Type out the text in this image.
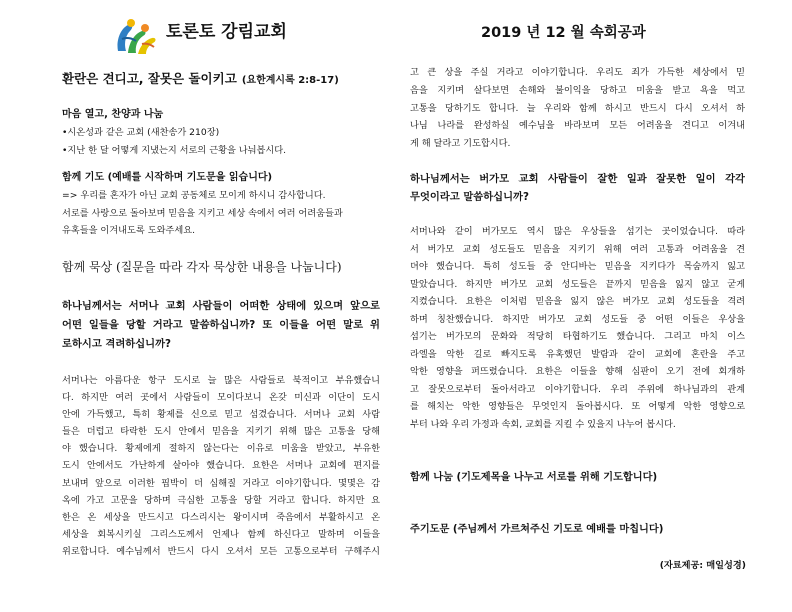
토론토 강림교회	2019 년 12 월 속회공과
환란은 견디고, 잘못은 돌이키고 (요한계시록 2:8-17)
마음 열고, 찬양과 나눔
•시온성과 같은 교회 (새찬송가 210장)
•지난 한 달 어떻게 지냈는지 서로의 근황을 나눠봅시다.
함께 기도 (예배를 시작하며 기도문을 읽습니다)
=> 우리를 혼자가 아닌 교회 공동체로 모이게 하시니 감사합니다.
서로를 사랑으로 돌아보며 믿음을 지키고 세상 속에서 여러 어려움들과
유혹들을 이겨내도록 도와주세요.
함께 묵상 (질문을 따라 각자 묵상한 내용을 나눕니다)
하나님께서는 서머나 교회 사람들이 어떠한 상태에 있으며 앞으로
어떤 일들을 당할 거라고 말씀하십니까? 또 이들을 어떤 말로 위
로하시고 격려하십니까?
서머나는 아름다운 항구 도시로 늘 많은 사람들로 북적이고 부유했습니
다. 하지만 여러 곳에서 사람들이 모이다보니 온갖 미신과 이단이 도시
안에 가득했고, 특히 황제를 신으로 믿고 섬겼습니다. 서머나 교회 사람
들은 더럽고 타락한 도시 안에서 믿음을 지키기 위해 많은 고통을 당해
야 했습니다. 황제에게 절하지 않는다는 이유로 미움을 받았고, 부유한
도시 안에서도 가난하게 살아야 했습니다. 요한은 서머나 교회에 편지를
보내며 앞으로 이러한 핍박이 더 심해질 거라고 이야기합니다. 몇몇은 감
옥에 가고 고문을 당하며 극심한 고통을 당할 거라고 합니다. 하지만 요
한은 온 세상을 만드시고 다스리시는 왕이시며 죽음에서 부활하시고 온
세상을 회복시키실 그리스도께서 언제나 함께 하신다고 말하며 이들을
위로합니다. 예수님께서 반드시 다시 오셔서 모든 고통으로부터 구해주시
고 큰 상을 주실 거라고 이야기합니다. 우리도 죄가 가득한 세상에서 믿
음을 지키며 살다보면 손해와 불이익을 당하고 미움을 받고 욕을 먹고
고통을 당하기도 합니다. 늘 우리와 함께 하시고 반드시 다시 오셔서 하
나님 나라를 완성하실 예수님을 바라보며 모든 어려움을 견디고 이겨내
게 해 달라고 기도합시다.
하나님께서는 버가모 교회 사람들이 잘한 일과 잘못한 일이 각각
무엇이라고 말씀하십니까?
서머나와 같이 버가모도 역시 많은 우상들을 섬기는 곳이었습니다. 따라
서 버가모 교회 성도들도 믿음을 지키기 위해 여러 고통과 어려움을 견
뎌야 했습니다. 특히 성도들 중 안디바는 믿음을 지키다가 목숨까지 잃고
말았습니다. 하지만 버가모 교회 성도들은 끝까지 믿음을 잃지 않고 굳게
지켰습니다. 요한은 이처럼 믿음을 잃지 않은 버가모 교회 성도들을 격려
하며 칭찬했습니다. 하지만 버가모 교회 성도들 중 어떤 이들은 우상을
섬기는 버가모의 문화와 적당히 타협하기도 했습니다. 그리고 마치 이스
라엘을 악한 길로 빠지도록 유혹했던 발람과 같이 교회에 혼란을 주고
악한 영향을 퍼뜨렸습니다. 요한은 이들을 향해 심판이 오기 전에 회개하
고 잘못으로부터 돌아서라고 이야기합니다. 우리 주위에 하나님과의 관계
를 해치는 악한 영향들은 무엇인지 돌아봅시다. 또 어떻게 악한 영향으로
부터 나와 우리 가정과 속회, 교회를 지킬 수 있을지 나누어 봅시다.
함께 나눔 (기도제목을 나누고 서로를 위해 기도합니다)
주기도문 (주님께서 가르쳐주신 기도로 예배를 마칩니다)
(자료제공: 매일성경)
